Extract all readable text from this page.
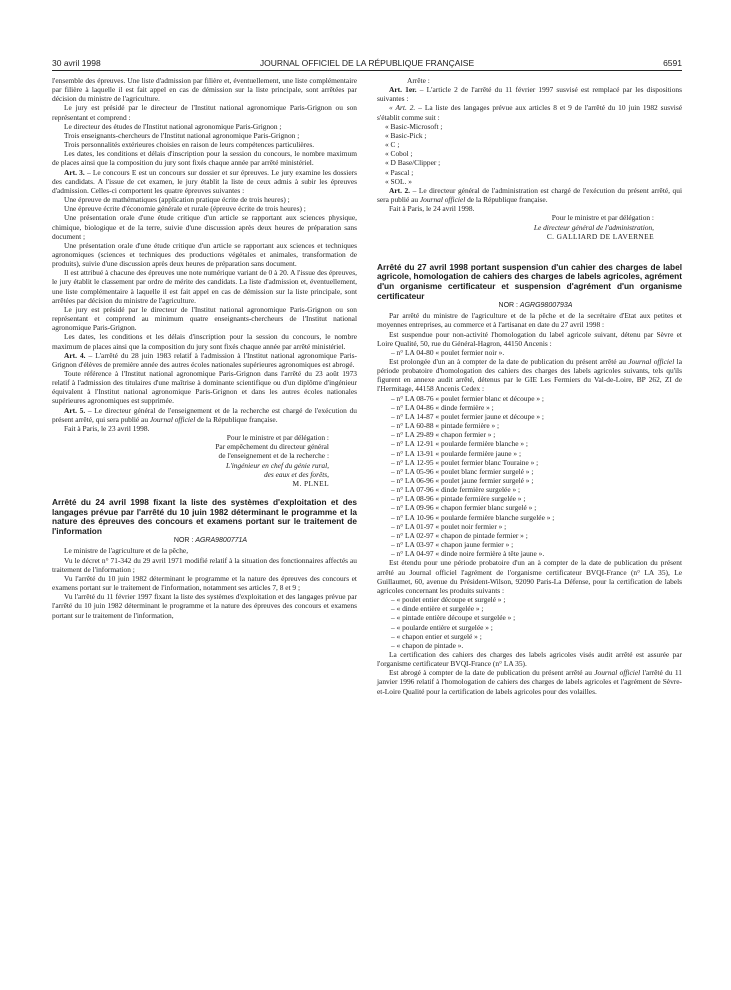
30 avril 1998	JOURNAL OFFICIEL DE LA RÉPUBLIQUE FRANÇAISE	6591

l'ensemble des épreuves. Une liste d'admission par filière et, éventuellement, une liste complémentaire par filière à laquelle il est fait appel en cas de démission sur la liste principale, sont arrêtées par décision du ministre de l'agriculture.

Le jury est présidé par le directeur de l'Institut national agronomique Paris-Grignon ou son représentant et comprend :

Le directeur des études de l'Institut national agronomique Paris-Grignon ;

Trois enseignants-chercheurs de l'Institut national agronomique Paris-Grignon ;

Trois personnalités extérieures choisies en raison de leurs compétences particulières.

Les dates, les conditions et délais d'inscription pour la session du concours, le nombre maximum de places ainsi que la composition du jury sont fixés chaque année par arrêté ministériel.

Art. 3. – Le concours E est un concours sur dossier et sur épreuves. Le jury examine les dossiers des candidats. A l'issue de cet examen, le jury établit la liste de ceux admis à subir les épreuves d'admission. Celles-ci comportent les quatre épreuves suivantes :

Une épreuve de mathématiques (application pratique écrite de trois heures) ;

Une épreuve écrite d'économie générale et rurale (épreuve écrite de trois heures) ;

Une présentation orale d'une étude critique d'un article se rapportant aux sciences physique, chimique, biologique et de la terre, suivie d'une discussion après deux heures de préparation sans document ;

Une présentation orale d'une étude critique d'un article se rapportant aux sciences et techniques agronomiques (sciences et techniques des productions végétales et animales, transformation de produits), suivie d'une discussion après deux heures de préparation sans document.

Il est attribué à chacune des épreuves une note numérique variant de 0 à 20. A l'issue des épreuves, le jury établit le classement par ordre de mérite des candidats. La liste d'admission et, éventuellement, une liste complémentaire à laquelle il est fait appel en cas de démission sur la liste principale, sont arrêtées par décision du ministre de l'agriculture.

Le jury est présidé par le directeur de l'Institut national agronomique Paris-Grignon ou son représentant et comprend au minimum quatre enseignants-chercheurs de l'Institut national agronomique Paris-Grignon.

Les dates, les conditions et les délais d'inscription pour la session du concours, le nombre maximum de places ainsi que la composition du jury sont fixés chaque année par arrêté ministériel.

Art. 4. – L'arrêté du 28 juin 1983 relatif à l'admission à l'Institut national agronomique Paris-Grignon d'élèves de première année des autres écoles nationales supérieures agronomiques est abrogé.

Toute référence à l'Institut national agronomique Paris-Grignon dans l'arrêté du 23 août 1973 relatif à l'admission des titulaires d'une maîtrise à dominante scientifique ou d'un diplôme d'ingénieur équivalent à l'Institut national agronomique Paris-Grignon et dans les autres écoles nationales supérieures agronomiques est supprimée.

Art. 5. – Le directeur général de l'enseignement et de la recherche est chargé de l'exécution du présent arrêté, qui sera publié au Journal officiel de la République française.

Fait à Paris, le 23 avril 1998.

Pour le ministre et par délégation :

Par empêchement du directeur général

de l'enseignement et de la recherche :

L'ingénieur en chef du génie rural,

des eaux et des forêts,

M. PLNEL

Arrêté du 24 avril 1998 fixant la liste des systèmes d'exploitation et des langages prévue par l'arrêté du 10 juin 1982 déterminant le programme et la nature des épreuves des concours et examens portant sur le traitement de l'information

NOR : AGRA9800771A

Le ministre de l'agriculture et de la pêche,

Vu le décret n° 71-342 du 29 avril 1971 modifié relatif à la situation des fonctionnaires affectés au traitement de l'information ;

Vu l'arrêté du 10 juin 1982 déterminant le programme et la nature des épreuves des concours et examens portant sur le traitement de l'information, notamment ses articles 7, 8 et 9 ;

Vu l'arrêté du 11 février 1997 fixant la liste des systèmes d'exploitation et des langages prévue par l'arrêté du 10 juin 1982 déterminant le programme et la nature des épreuves des concours et examens portant sur le traitement de l'information,

Arrête :

Art. 1er. – L'article 2 de l'arrêté du 11 février 1997 susvisé est remplacé par les dispositions suivantes :

« Art. 2. – La liste des langages prévue aux articles 8 et 9 de l'arrêté du 10 juin 1982 susvisé s'établit comme suit :

« Basic-Microsoft ;

« Basic-Pick ;

« C ;

« Cobol ;

« D Base/Clipper ;

« Pascal ;

« SOL. »

Art. 2. – Le directeur général de l'administration est chargé de l'exécution du présent arrêté, qui sera publié au Journal officiel de la République française.

Fait à Paris, le 24 avril 1998.

Pour le ministre et par délégation :

Le directeur général de l'administration,

C. GALLIARD DE LAVERNEE

Arrêté du 27 avril 1998 portant suspension d'un cahier des charges de label agricole, homologation de cahiers des charges de labels agricoles, agrément d'un organisme certificateur et suspension d'agrément d'un organisme certificateur

NOR : AGRG9800793A

Par arrêté du ministre de l'agriculture et de la pêche et de la secrétaire d'Etat aux petites et moyennes entreprises, au commerce et à l'artisanat en date du 27 avril 1998 :

Est suspendue pour non-activité l'homologation du label agricole suivant, détenu par Sèvre et Loire Qualité, 50, rue du Général-Hagron, 44150 Ancenis :

– n° LA 04-80 « poulet fermier noir ».

Est prolongée d'un an à compter de la date de publication du présent arrêté au Journal officiel la période probatoire d'homologation des cahiers des charges des labels agricoles suivants, tels qu'ils figurent en annexe audit arrêté, détenus par le GIE Les Fermiers du Val-de-Loire, BP 262, ZI de l'Hermitage, 44158 Ancenis Cedex :

– n° LA 08-76 « poulet fermier blanc et découpe » ;

– n° LA 04-86 « dinde fermière » ;

– n° LA 14-87 « poulet fermier jaune et découpe » ;

– n° LA 60-88 « pintade fermière » ;

– n° LA 29-89 « chapon fermier » ;

– n° LA 12-91 « poularde fermière blanche » ;

– n° LA 13-91 « poularde fermière jaune » ;

– n° LA 12-95 « poulet fermier blanc Touraine » ;

– n° LA 05-96 « poulet blanc fermier surgelé » ;

– n° LA 06-96 « poulet jaune fermier surgelé » ;

– n° LA 07-96 « dinde fermière surgelée » ;

– n° LA 08-96 « pintade fermière surgelée » ;

– n° LA 09-96 « chapon fermier blanc surgelé » ;

– n° LA 10-96 « poularde fermière blanche surgelée » ;

– n° LA 01-97 « poulet noir fermier » ;

– n° LA 02-97 « chapon de pintade fermier » ;

– n° LA 03-97 « chapon jaune fermier » ;

– n° LA 04-97 « dinde noire fermière à tête jaune ».

Est étendu pour une période probatoire d'un an à compter de la date de publication du présent arrêté au Journal officiel l'agrément de l'organisme certificateur BVQI-France (n° LA 35), Le Guillaumet, 60, avenue du Président-Wilson, 92090 Paris-La Défense, pour la certification de labels agricoles concernant les produits suivants :

– « poulet entier découpe et surgelé » ;

– « dinde entière et surgelée » ;

– « pintade entière découpe et surgelée » ;

– « poularde entière et surgelée » ;

– « chapon entier et surgelé » ;

– « chapon de pintade ».

La certification des cahiers des charges des labels agricoles visés audit arrêté est assurée par l'organisme certificateur BVQI-France (n° LA 35).

Est abrogé à compter de la date de publication du présent arrêté au Journal officiel l'arrêté du 11 janvier 1996 relatif à l'homologation de cahiers des charges de labels agricoles et l'agrément de Sèvre-et-Loire Qualité pour la certification de labels agricoles pour des volailles.
